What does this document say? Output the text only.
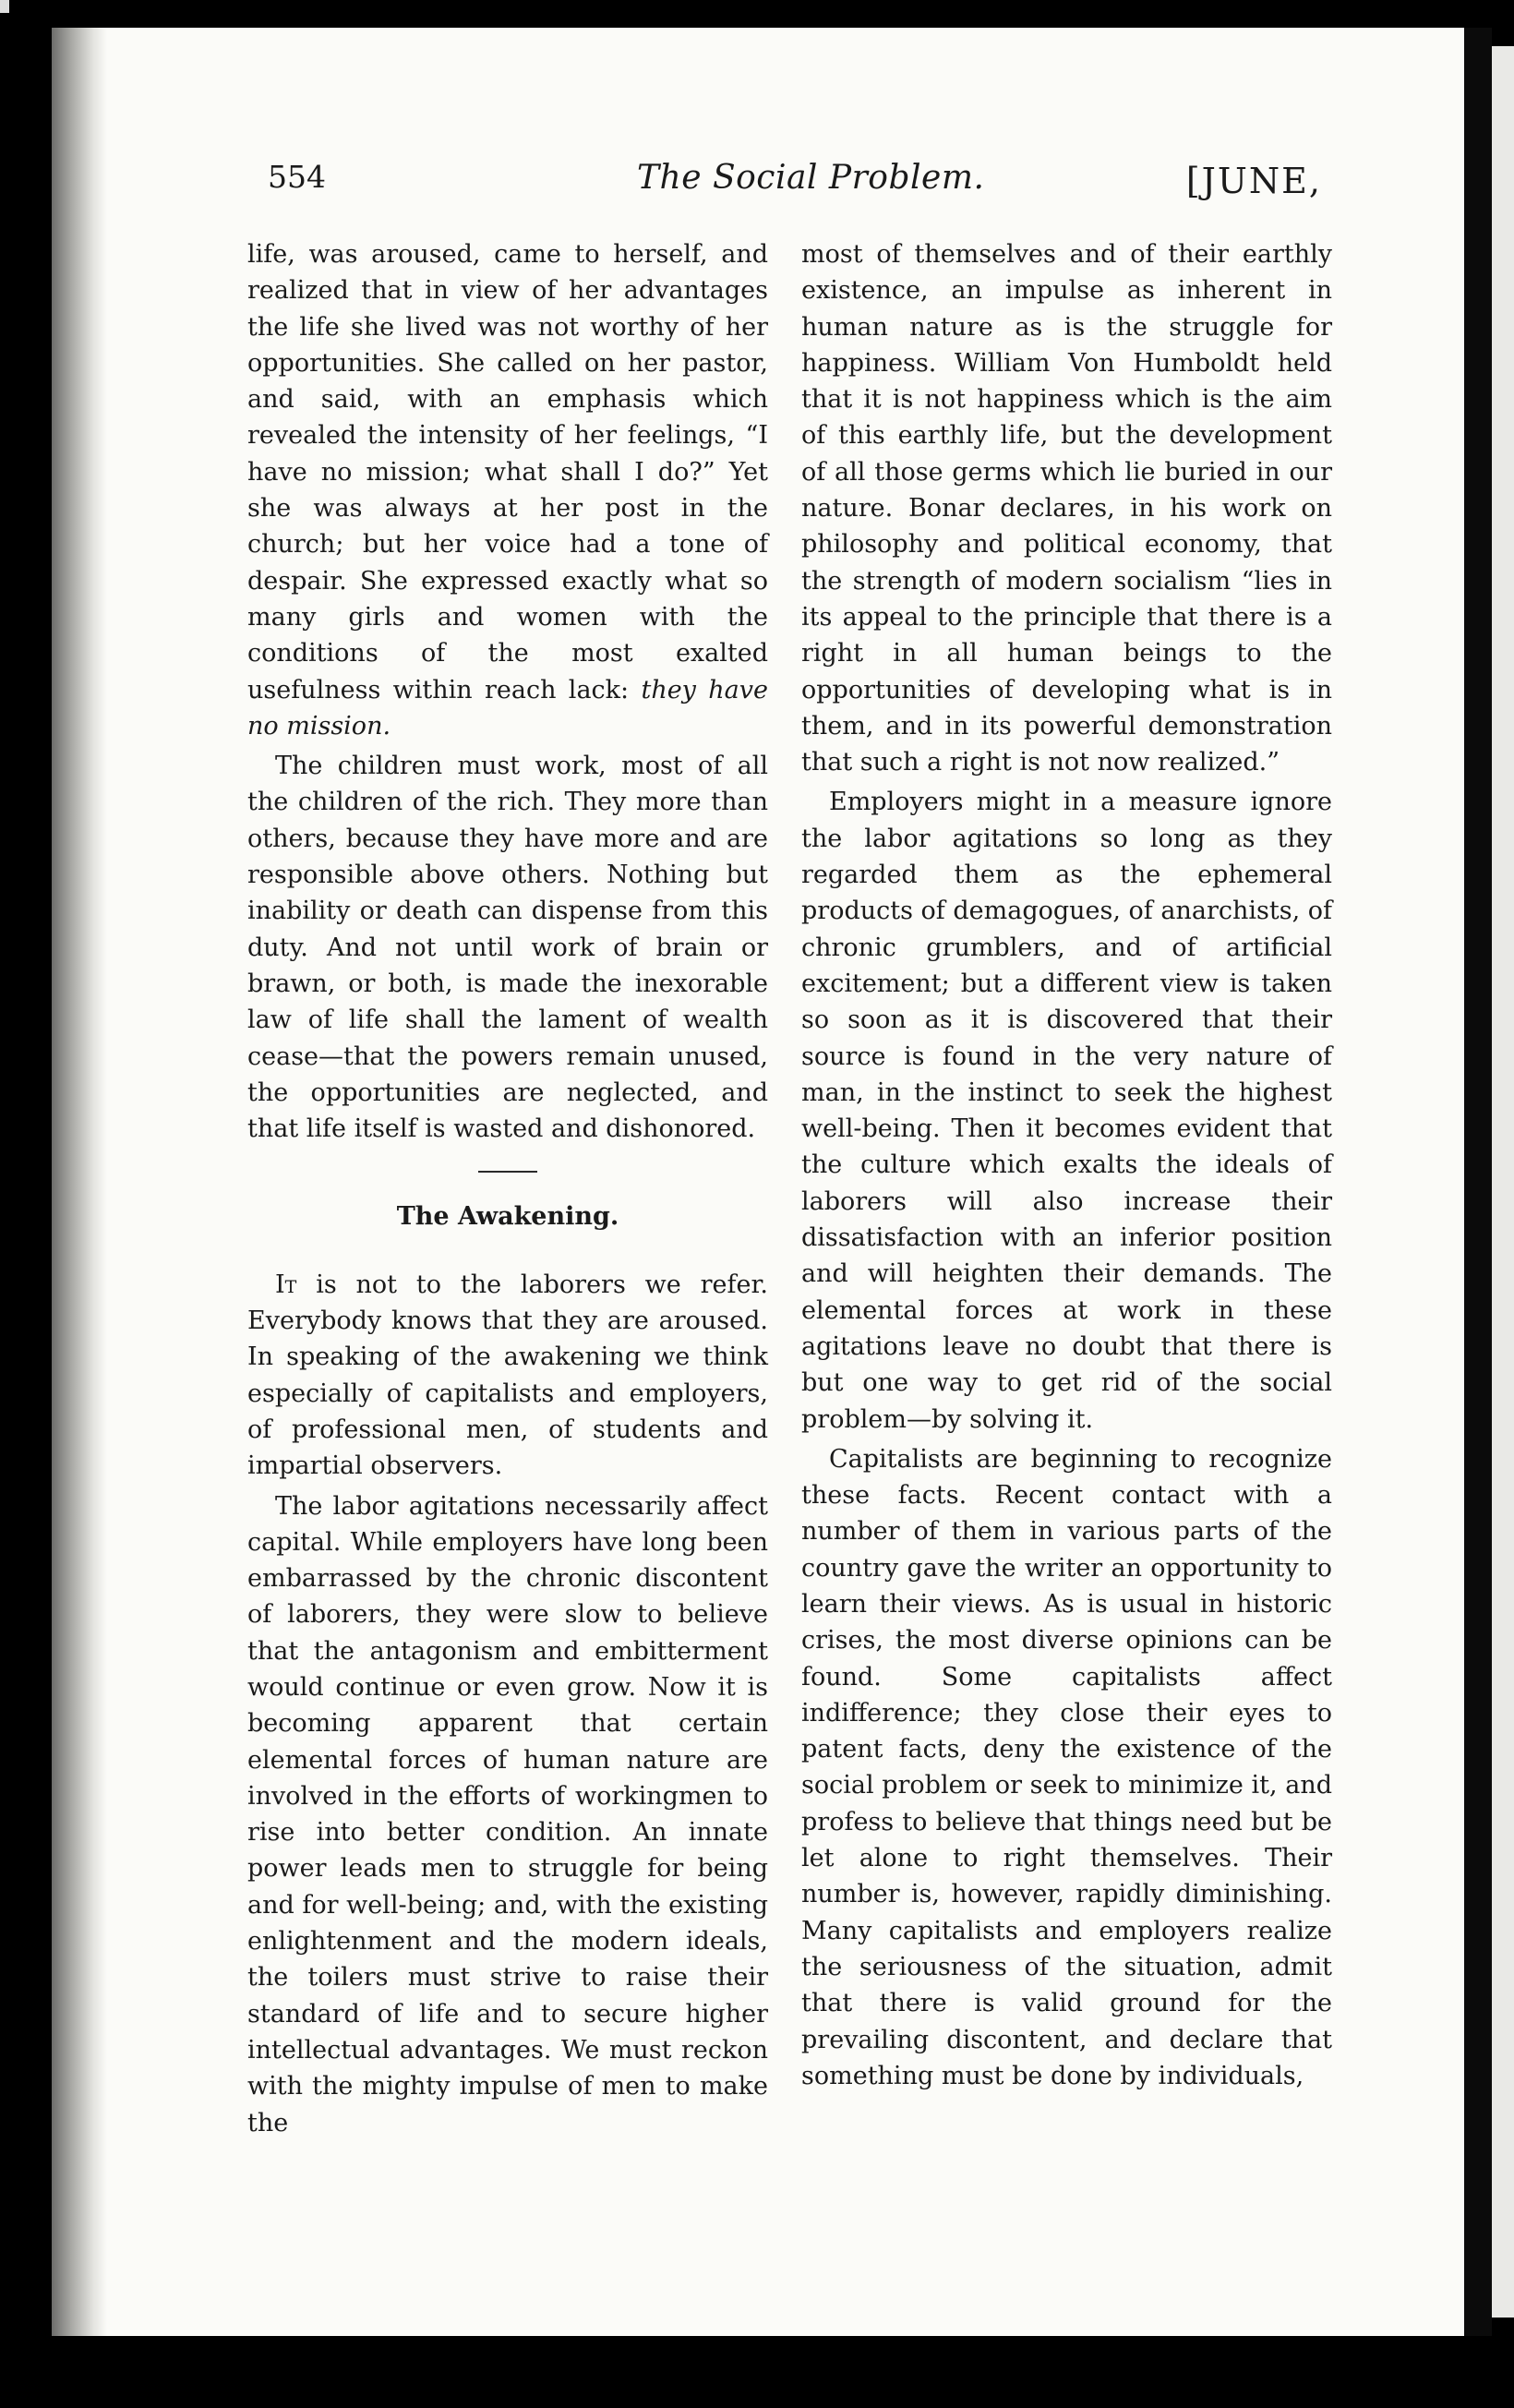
554	The Social Problem.	[JUNE,

life, was aroused, came to herself, and realized that in view of her advantages the life she lived was not worthy of her opportunities. She called on her pastor, and said, with an emphasis which revealed the intensity of her feelings, “I have no mission; what shall I do?” Yet she was always at her post in the church; but her voice had a tone of despair. She expressed exactly what so many girls and women with the conditions of the most exalted usefulness within reach lack: they have no mission.

The children must work, most of all the children of the rich. They more than others, because they have more and are responsible above others. Nothing but inability or death can dispense from this duty. And not until work of brain or brawn, or both, is made the inexorable law of life shall the lament of wealth cease—that the powers remain unused, the opportunities are neglected, and that life itself is wasted and dishonored.

The Awakening.

It is not to the laborers we refer. Everybody knows that they are aroused. In speaking of the awakening we think especially of capitalists and employers, of professional men, of students and impartial observers.

The labor agitations necessarily affect capital. While employers have long been embarrassed by the chronic discontent of laborers, they were slow to believe that the antagonism and embitterment would continue or even grow. Now it is becoming apparent that certain elemental forces of human nature are involved in the efforts of workingmen to rise into better condition. An innate power leads men to struggle for being and for well-being; and, with the existing enlightenment and the modern ideals, the toilers must strive to raise their standard of life and to secure higher intellectual advantages. We must reckon with the mighty impulse of men to make the

most of themselves and of their earthly existence, an impulse as inherent in human nature as is the struggle for happiness. William Von Humboldt held that it is not happiness which is the aim of this earthly life, but the development of all those germs which lie buried in our nature. Bonar declares, in his work on philosophy and political economy, that the strength of modern socialism “lies in its appeal to the principle that there is a right in all human beings to the opportunities of developing what is in them, and in its powerful demonstration that such a right is not now realized.”

Employers might in a measure ignore the labor agitations so long as they regarded them as the ephemeral products of demagogues, of anarchists, of chronic grumblers, and of artificial excitement; but a different view is taken so soon as it is discovered that their source is found in the very nature of man, in the instinct to seek the highest well-being. Then it becomes evident that the culture which exalts the ideals of laborers will also increase their dissatisfaction with an inferior position and will heighten their demands. The elemental forces at work in these agitations leave no doubt that there is but one way to get rid of the social problem—by solving it.

Capitalists are beginning to recognize these facts. Recent contact with a number of them in various parts of the country gave the writer an opportunity to learn their views. As is usual in historic crises, the most diverse opinions can be found. Some capitalists affect indifference; they close their eyes to patent facts, deny the existence of the social problem or seek to minimize it, and profess to believe that things need but be let alone to right themselves. Their number is, however, rapidly diminishing. Many capitalists and employers realize the seriousness of the situation, admit that there is valid ground for the prevailing discontent, and declare that something must be done by individuals,
